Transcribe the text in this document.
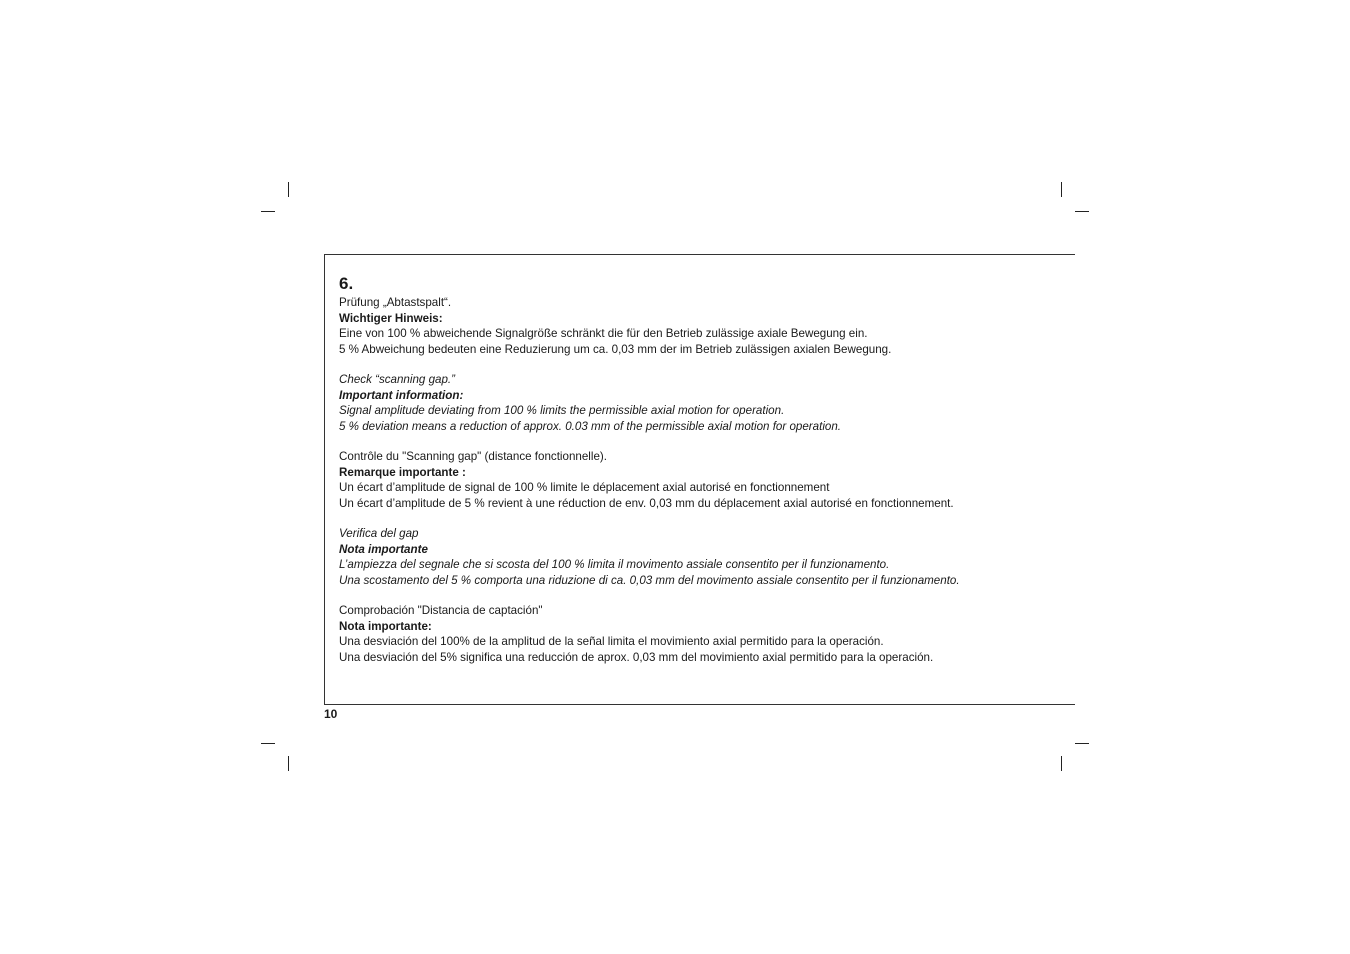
6.
Prüfung „Abtastspalt“.
Wichtiger Hinweis:
Eine von 100 % abweichende Signalgröße schränkt die für den Betrieb zulässige axiale Bewegung ein.
5 % Abweichung bedeuten eine Reduzierung um ca. 0,03 mm der im Betrieb zulässigen axialen Bewegung.
Check “scanning gap.”
Important information:
Signal amplitude deviating from 100 % limits the permissible axial motion for operation.
5 % deviation means a reduction of approx. 0.03 mm of the permissible axial motion for operation.
Contrôle du "Scanning gap" (distance fonctionnelle).
Remarque importante :
Un écart d’amplitude de signal de 100 % limite le déplacement axial autorisé en fonctionnement
Un écart d’amplitude de 5 % revient à une réduction de env. 0,03 mm du déplacement axial autorisé en fonctionnement.
Verifica del gap
Nota importante
L’ampiezza del segnale che si scosta del 100 % limita il movimento assiale consentito per il funzionamento.
Una scostamento del 5 % comporta una riduzione di ca. 0,03 mm del movimento assiale consentito per il funzionamento.
Comprobación "Distancia de captación"
Nota importante:
Una desviación del 100% de la amplitud de la señal limita el movimiento axial permitido para la operación.
Una desviación del 5% significa una reducción de aprox. 0,03 mm del movimiento axial permitido para la operación.
10
